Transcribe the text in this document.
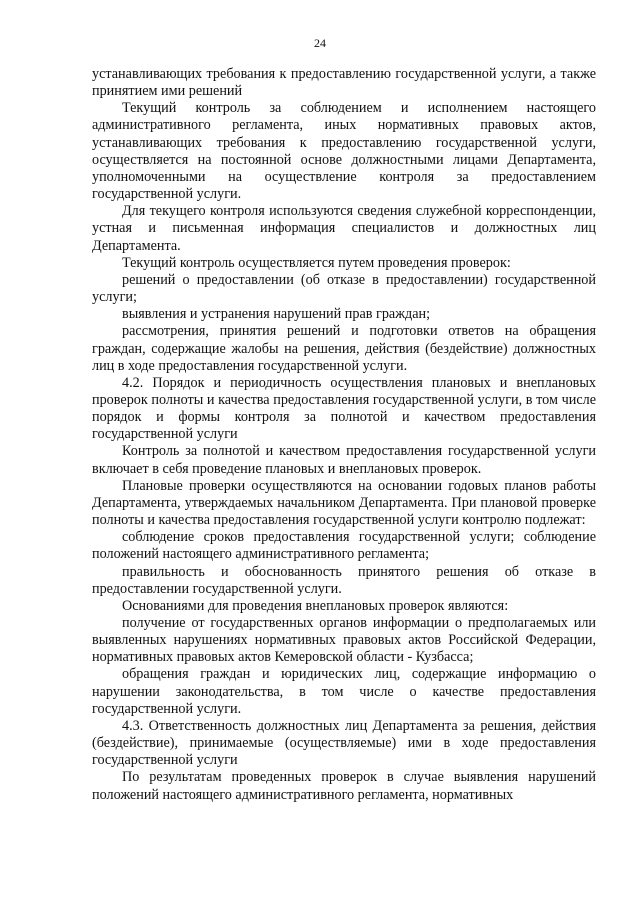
24

устанавливающих требования к предоставлению государственной услуги, а также принятием ими решений

Текущий контроль за соблюдением и исполнением настоящего административного регламента, иных нормативных правовых актов, устанавливающих требования к предоставлению государственной услуги, осуществляется на постоянной основе должностными лицами Департамента, уполномоченными на осуществление контроля за предоставлением государственной услуги.

Для текущего контроля используются сведения служебной корреспонденции, устная и письменная информация специалистов и должностных лиц Департамента.

Текущий контроль осуществляется путем проведения проверок:

решений о предоставлении (об отказе в предоставлении) государственной услуги;

выявления и устранения нарушений прав граждан;

рассмотрения, принятия решений и подготовки ответов на обращения граждан, содержащие жалобы на решения, действия (бездействие) должностных лиц в ходе предоставления государственной услуги.

4.2. Порядок и периодичность осуществления плановых и внеплановых проверок полноты и качества предоставления государственной услуги, в том числе порядок и формы контроля за полнотой и качеством предоставления государственной услуги

Контроль за полнотой и качеством предоставления государственной услуги включает в себя проведение плановых и внеплановых проверок.

Плановые проверки осуществляются на основании годовых планов работы Департамента, утверждаемых начальником Департамента. При плановой проверке полноты и качества предоставления государственной услуги контролю подлежат:

соблюдение сроков предоставления государственной услуги; соблюдение положений настоящего административного регламента;

правильность и обоснованность принятого решения об отказе в предоставлении государственной услуги.

Основаниями для проведения внеплановых проверок являются:

получение от государственных органов информации о предполагаемых или выявленных нарушениях нормативных правовых актов Российской Федерации, нормативных правовых актов Кемеровской области - Кузбасса;

обращения граждан и юридических лиц, содержащие информацию о нарушении законодательства, в том числе о качестве предоставления государственной услуги.

4.3. Ответственность должностных лиц Департамента за решения, действия (бездействие), принимаемые (осуществляемые) ими в ходе предоставления государственной услуги

По результатам проведенных проверок в случае выявления нарушений положений настоящего административного регламента, нормативных
